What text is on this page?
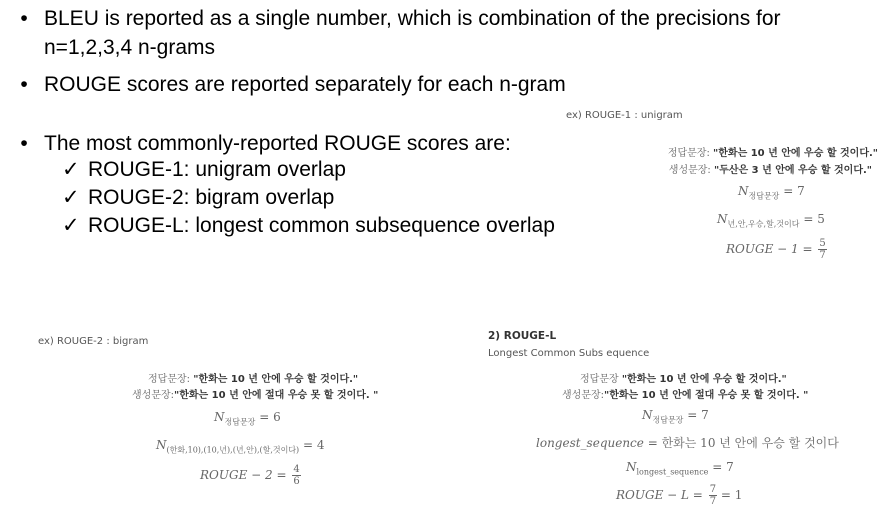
• BLEU is reported as a single number, which is combination of the precisions for
n=1,2,3,4 n-grams
• ROUGE scores are reported separately for each n-gram
• The most commonly-reported ROUGE scores are:
✓ ROUGE-1: unigram overlap
✓ ROUGE-2: bigram overlap
✓ ROUGE-L: longest common subsequence overlap
ex) ROUGE-1 : unigram
정답문장: "한화는 10 년 안에 우승 할 것이다."
생성문장: "두산은 3 년 안에 우승 할 것이다."
$N_{정답문장} = 7$
$N_{년,안,우승,할,것이다} = 5$
ROUGE − $1 = \frac{5}{7}$
ex) ROUGE-2 : bigram
정답문장: "한화는 10 년 안에 우승 할 것이다."
생성문장:"한화는 10 년 안에 절대 우승 못 할 것이다. "
$N_{정답문장} = 6$
$N_{(한화,10),(10,년),(년,안),(할,것이다)} = 4$
ROUGE − $2 = \frac{4}{6}$
2) ROUGE-L
Longest Common Subs equence
정답문장 "한화는 10 년 안에 우승 할 것이다."
생성문장:"한화는 10 년 안에 절대 우승 못 할 것이다. "
$N_{정답문장} = 7$
longest_sequence = 한화는 10 년 안에 우승 할 것이다
$N_{longest\_sequence} = 7$
ROUGE − $L = \frac{7}{7} = 1$
